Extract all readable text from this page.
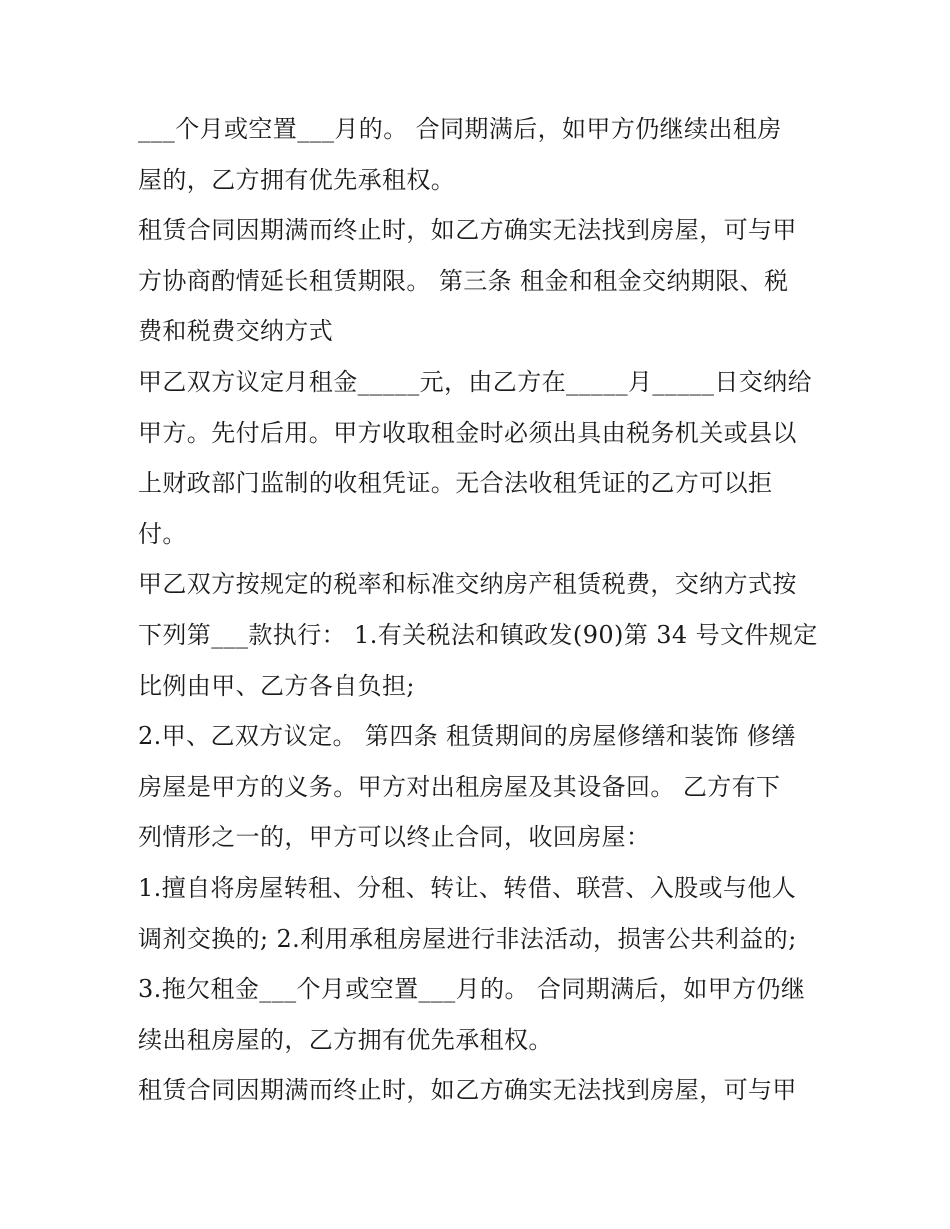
___个月或空置___月的。 合同期满后，如甲方仍继续出租房
屋的，乙方拥有优先承租权。
租赁合同因期满而终止时，如乙方确实无法找到房屋，可与甲
方协商酌情延长租赁期限。 第三条 租金和租金交纳期限、税
费和税费交纳方式
甲乙双方议定月租金_____元，由乙方在_____月_____日交纳给
甲方。先付后用。甲方收取租金时必须出具由税务机关或县以
上财政部门监制的收租凭证。无合法收租凭证的乙方可以拒
付。
甲乙双方按规定的税率和标准交纳房产租赁税费，交纳方式按
下列第___款执行： 1.有关税法和镇政发(90)第 34 号文件规定
比例由甲、乙方各自负担;
2.甲、乙双方议定。 第四条 租赁期间的房屋修缮和装饰 修缮
房屋是甲方的义务。甲方对出租房屋及其设备回。 乙方有下
列情形之一的，甲方可以终止合同，收回房屋：
1.擅自将房屋转租、分租、转让、转借、联营、入股或与他人
调剂交换的; 2.利用承租房屋进行非法活动，损害公共利益的;
3.拖欠租金___个月或空置___月的。 合同期满后，如甲方仍继
续出租房屋的，乙方拥有优先承租权。
租赁合同因期满而终止时，如乙方确实无法找到房屋，可与甲
